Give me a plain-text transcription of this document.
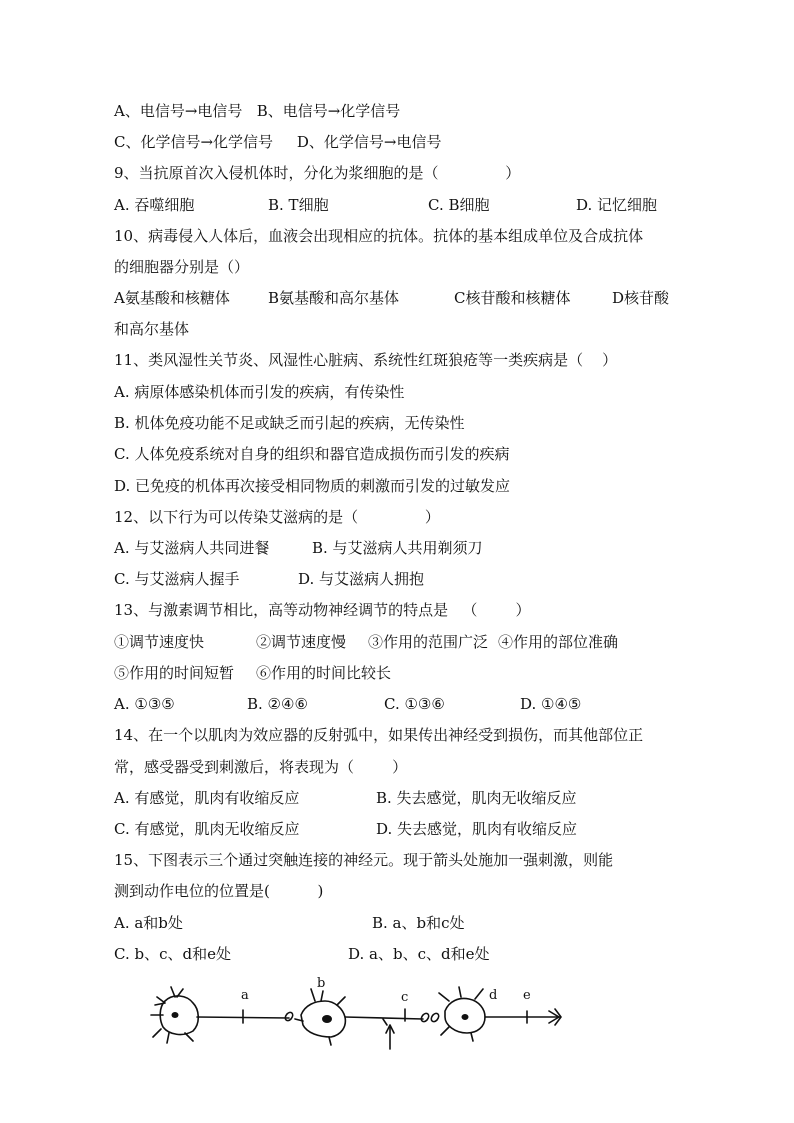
A、电信号→电信号   B、电信号→化学信号
C、化学信号→化学信号     D、化学信号→电信号
9、当抗原首次入侵机体时，分化为浆细胞的是（              ）

A. 吞噬细胞

	B. T细胞

	C. B细胞

	D. 记忆细胞

10、病毒侵入人体后，血液会出现相应的抗体。抗体的基本组成单位及合成抗体
的细胞器分别是（）

A氨基酸和核糖体

	B氨基酸和高尔基体

	C核苷酸和核糖体

	D核苷酸

和高尔基体
11、类风湿性关节炎、风湿性心脏病、系统性红斑狼疮等一类疾病是（    ）
A. 病原体感染机体而引发的疾病，有传染性
B. 机体免疫功能不足或缺乏而引起的疾病，无传染性
C. 人体免疫系统对自身的组织和器官造成损伤而引发的疾病
D. 已免疫的机体再次接受相同物质的刺激而引发的过敏发应
12、以下行为可以传染艾滋病的是（              ）

A. 与艾滋病人共同进餐

	B. 与艾滋病人共用剃须刀

C. 与艾滋病人握手

	D. 与艾滋病人拥抱

13、与激素调节相比，高等动物神经调节的特点是   （        ）

①调节速度快

	②调节速度慢

③作用的范围广泛

④作用的部位准确

⑤作用的时间短暂

⑥作用的时间比较长

A. ①③⑤

	B. ②④⑥

	C. ①③⑥

	D. ①④⑤

14、在一个以肌肉为效应器的反射弧中，如果传出神经受到损伤，而其他部位正
常，感受器受到刺激后，将表现为（        ）

A. 有感觉，肌肉有收缩反应

	B. 失去感觉，肌肉无收缩反应

C. 有感觉，肌肉无收缩反应

	D. 失去感觉，肌肉有收缩反应

15、下图表示三个通过突触连接的神经元。现于箭头处施加一强刺激，则能
测到动作电位的位置是(          )

A. a和b处

	B. a、b和c处

C. b、c、d和e处

	D. a、b、c、d和e处

a
b
c	d e
